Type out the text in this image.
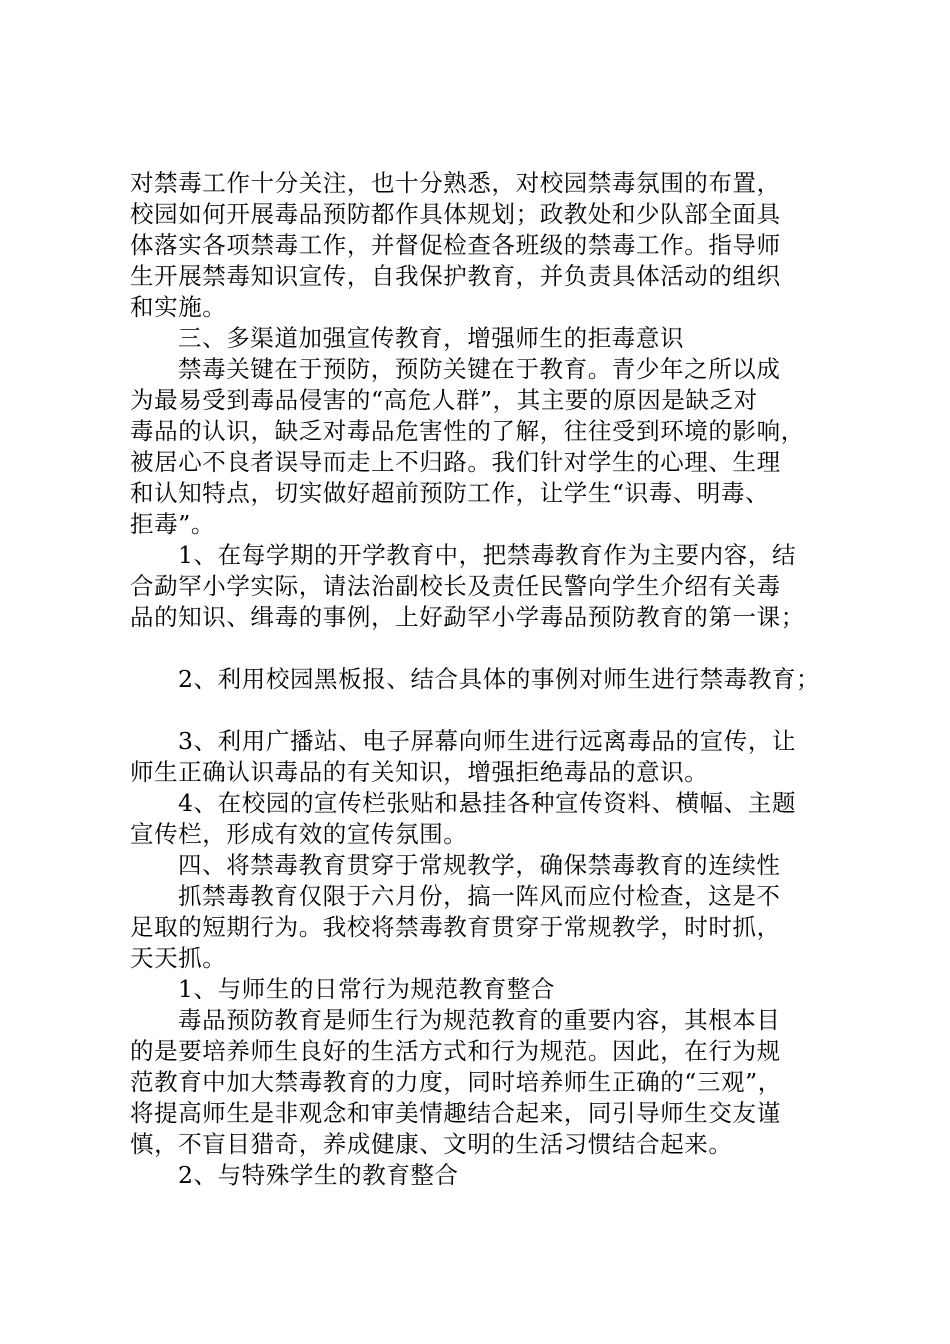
对禁毒工作十分关注，也十分熟悉，对校园禁毒氛围的布置，
校园如何开展毒品预防都作具体规划；政教处和少队部全面具
体落实各项禁毒工作，并督促检查各班级的禁毒工作。指导师
生开展禁毒知识宣传，自我保护教育，并负责具体活动的组织
和实施。
三、多渠道加强宣传教育，增强师生的拒毒意识
禁毒关键在于预防，预防关键在于教育。青少年之所以成
为最易受到毒品侵害的“高危人群”，其主要的原因是缺乏对
毒品的认识，缺乏对毒品危害性的了解，往往受到环境的影响，
被居心不良者误导而走上不归路。我们针对学生的心理、生理
和认知特点，切实做好超前预防工作，让学生“识毒、明毒、
拒毒”。
1、在每学期的开学教育中，把禁毒教育作为主要内容，结
合勐罕小学实际，请法治副校长及责任民警向学生介绍有关毒
品的知识、缉毒的事例，上好勐罕小学毒品预防教育的第一课；
2、利用校园黑板报、结合具体的事例对师生进行禁毒教育；
3、利用广播站、电子屏幕向师生进行远离毒品的宣传，让
师生正确认识毒品的有关知识，增强拒绝毒品的意识。
4、在校园的宣传栏张贴和悬挂各种宣传资料、横幅、主题
宣传栏，形成有效的宣传氛围。
四、将禁毒教育贯穿于常规教学，确保禁毒教育的连续性
抓禁毒教育仅限于六月份，搞一阵风而应付检查，这是不
足取的短期行为。我校将禁毒教育贯穿于常规教学，时时抓，
天天抓。
1、与师生的日常行为规范教育整合
毒品预防教育是师生行为规范教育的重要内容，其根本目
的是要培养师生良好的生活方式和行为规范。因此，在行为规
范教育中加大禁毒教育的力度，同时培养师生正确的“三观”，
将提高师生是非观念和审美情趣结合起来，同引导师生交友谨
慎，不盲目猎奇，养成健康、文明的生活习惯结合起来。
2、与特殊学生的教育整合
